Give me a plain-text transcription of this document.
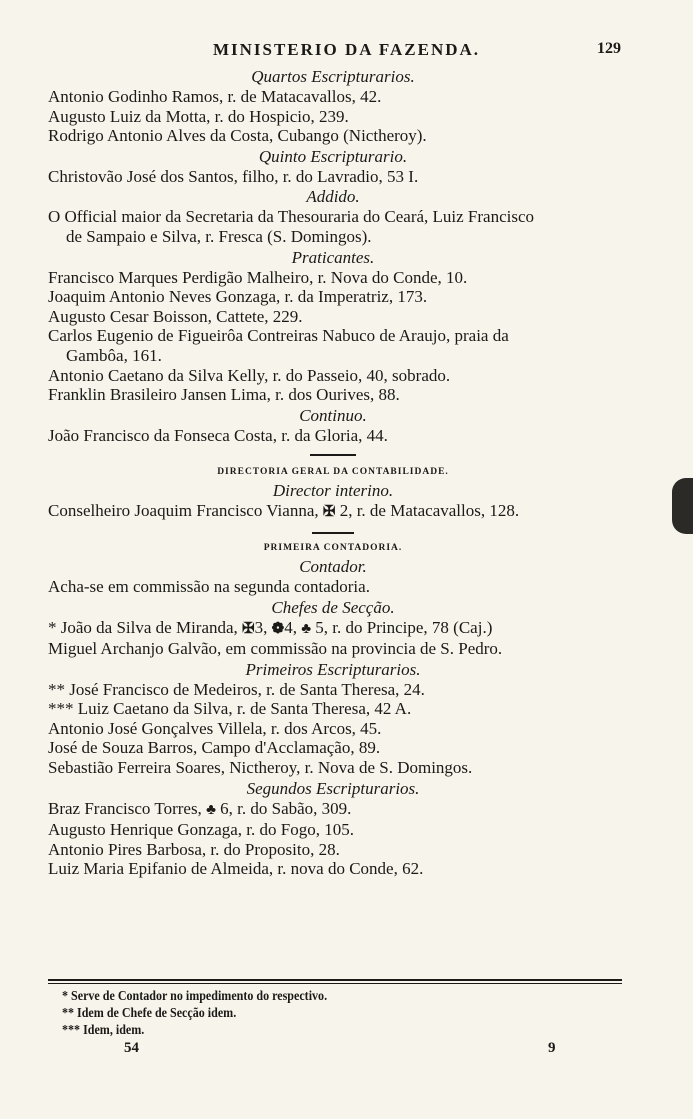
MINISTERIO DA FAZENDA.	129
Quartos Escripturarios.
Antonio Godinho Ramos, r. de Matacavallos, 42.
Augusto Luiz da Motta, r. do Hospicio, 239.
Rodrigo Antonio Alves da Costa, Cubango (Nictheroy).
Quinto Escripturario.
Christovão José dos Santos, filho, r. do Lavradio, 53 I.
Addido.
O Official maior da Secretaria da Thesouraria do Ceará, Luiz Francisco
de Sampaio e Silva, r. Fresca (S. Domingos).
Praticantes.
Francisco Marques Perdigão Malheiro, r. Nova do Conde, 10.
Joaquim Antonio Neves Gonzaga, r. da Imperatriz, 173.
Augusto Cesar Boisson, Cattete, 229.
Carlos Eugenio de Figueirôa Contreiras Nabuco de Araujo, praia da
Gambôa, 161.
Antonio Caetano da Silva Kelly, r. do Passeio, 40, sobrado.
Franklin Brasileiro Jansen Lima, r. dos Ourives, 88.
Continuo.
João Francisco da Fonseca Costa, r. da Gloria, 44.
DIRECTORIA GERAL DA CONTABILIDADE.
Director interino.
Conselheiro Joaquim Francisco Vianna, ✠ 2, r. de Matacavallos, 128.
PRIMEIRA CONTADORIA.
Contador.
Acha-se em commissão na segunda contadoria.
Chefes de Secção.
* João da Silva de Miranda, ✠3, ❁4, ♣ 5, r. do Principe, 78 (Caj.)
Miguel Archanjo Galvão, em commissão na provincia de S. Pedro.
Primeiros Escripturarios.
** José Francisco de Medeiros, r. de Santa Theresa, 24.
*** Luiz Caetano da Silva, r. de Santa Theresa, 42 A.
Antonio José Gonçalves Villela, r. dos Arcos, 45.
José de Souza Barros, Campo d'Acclamação, 89.
Sebastião Ferreira Soares, Nictheroy, r. Nova de S. Domingos.
Segundos Escripturarios.
Braz Francisco Torres, ♣ 6, r. do Sabão, 309.
Augusto Henrique Gonzaga, r. do Fogo, 105.
Antonio Pires Barbosa, r. do Proposito, 28.
Luiz Maria Epifanio de Almeida, r. nova do Conde, 62.
* Serve de Contador no impedimento do respectivo.
** Idem de Chefe de Secção idem.
*** Idem, idem.
54	9
